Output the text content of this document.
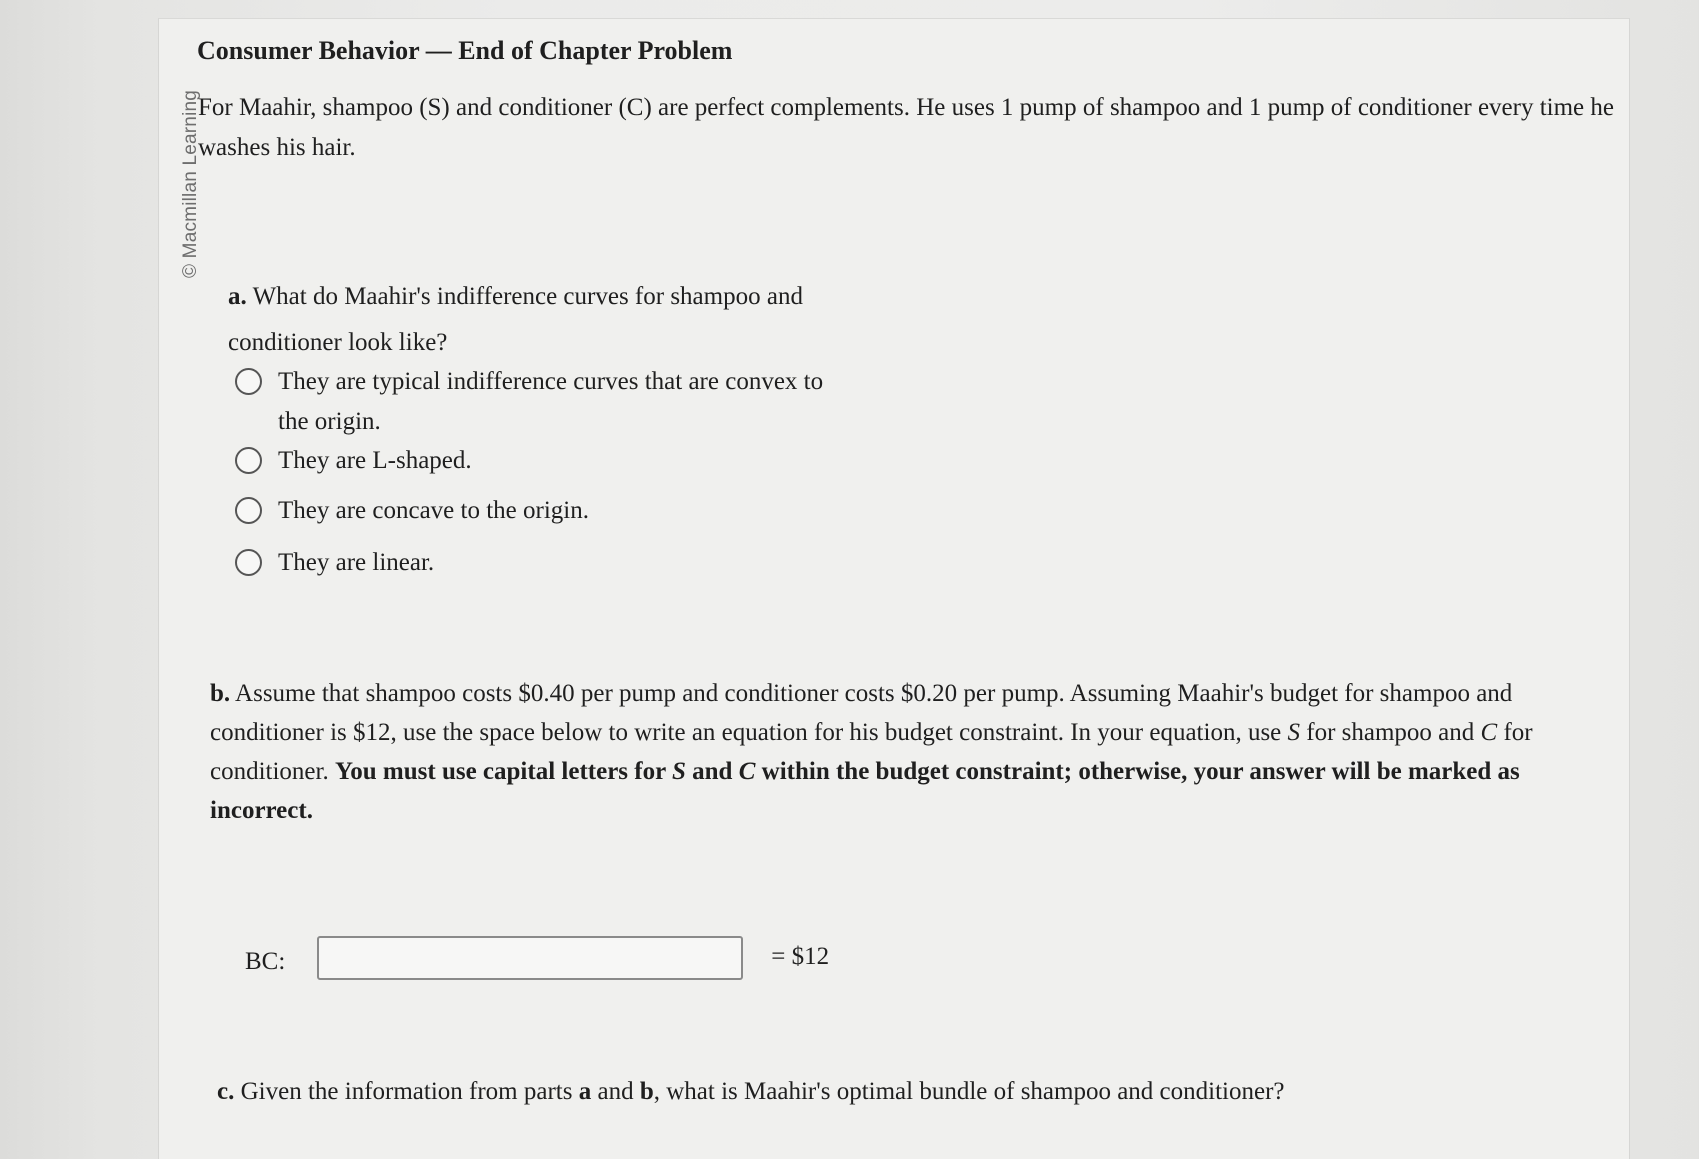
© Macmillan Learning
Consumer Behavior — End of Chapter Problem
For Maahir, shampoo (S) and conditioner (C) are perfect complements. He uses 1 pump of shampoo and 1 pump of conditioner every time he washes his hair.
a. What do Maahir's indifference curves for shampoo and conditioner look like?
They are typical indifference curves that are convex to the origin.
They are L-shaped.
They are concave to the origin.
They are linear.
b. Assume that shampoo costs $0.40 per pump and conditioner costs $0.20 per pump. Assuming Maahir's budget for shampoo and conditioner is $12, use the space below to write an equation for his budget constraint. In your equation, use S for shampoo and C for conditioner. You must use capital letters for S and C within the budget constraint; otherwise, your answer will be marked as incorrect.
BC:	= $12
c. Given the information from parts a and b, what is Maahir's optimal bundle of shampoo and conditioner?
